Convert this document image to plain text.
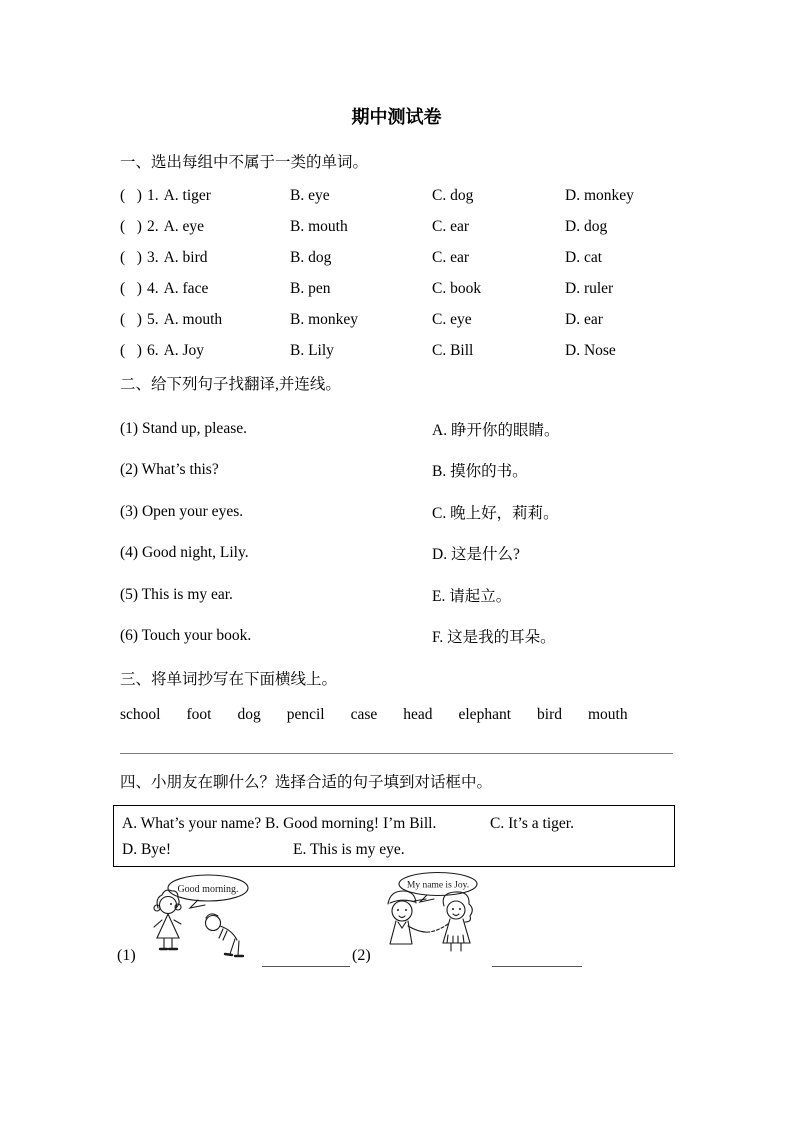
期中测试卷
一、选出每组中不属于一类的单词。
(   ) 1. A. tiger	B. eye	C. dog	D. monkey
(   ) 2. A. eye	B. mouth	C. ear	D. dog
(   ) 3. A. bird	B. dog	C. ear	D. cat
(   ) 4. A. face	B. pen	C. book	D. ruler
(   ) 5. A. mouth	B. monkey	C. eye	D. ear
(   ) 6. A. Joy	B. Lily	C. Bill	D. Nose
二、给下列句子找翻译,并连线。
(1) Stand up, please.	A. 睁开你的眼睛。
(2) What’s this?	B. 摸你的书。
(3) Open your eyes.	C. 晚上好，莉莉。
(4) Good night, Lily.	D. 这是什么?
(5) This is my ear.	E. 请起立。
(6) Touch your book.	F. 这是我的耳朵。
三、将单词抄写在下面横线上。
school foot dog pencil case head elephant bird mouth
四、小朋友在聊什么？选择合适的句子填到对话框中。
A. What’s your name? B. Good morning! I’m Bill.	C. It’s a tiger.
D. Bye!	E. This is my eye.
(1)
Good morning.
(2)
My name is Joy.
